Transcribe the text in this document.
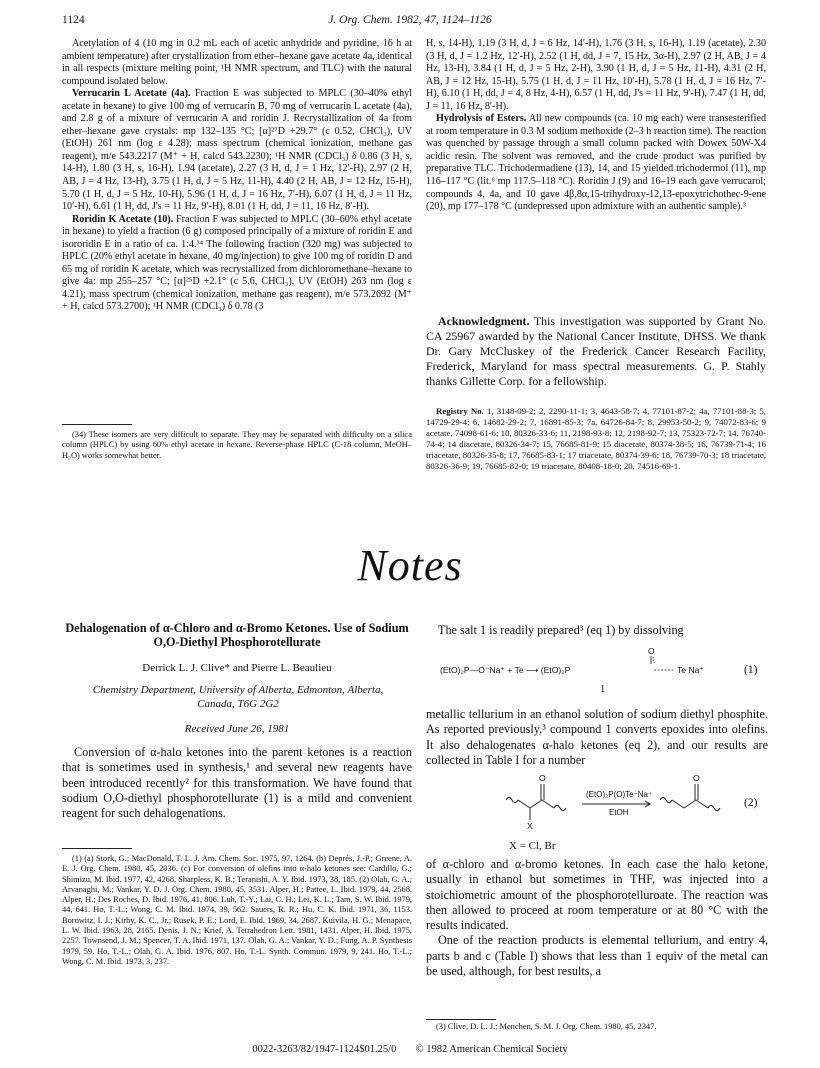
1124	J. Org. Chem. 1982, 47, 1124–1126

Acetylation of 4 (10 mg in 0.2 mL each of acetic anhydride and pyridine, 16 h at ambient temperature) after crystallization from ether–hexane gave acetate 4a, identical in all respects (mixture melting point, ¹H NMR spectrum, and TLC) with the natural compound isolated below.

Verrucarin L Acetate (4a). Fraction E was subjected to MPLC (30–40% ethyl acetate in hexane) to give 100 mg of verrucarin B, 70 mg of verrucarin L acetate (4a), and 2.8 g of a mixture of verrucarin A and roridin J. Recrystallization of 4a from ether–hexane gave crystals: mp 132–135 °C; [α]²⁷D +29.7° (c 0.52, CHCl₃), UV (EtOH) 261 nm (log ε 4.28); mass spectrum (chemical ionization, methane gas reagent), m/e 543.2217 (M⁺ + H, calcd 543.2230); ¹H NMR (CDCl₃) δ 0.86 (3 H, s, 14-H), 1.80 (3 H, s, 16-H), 1.94 (acetate), 2.27 (3 H, d, J = 1 Hz, 12′-H), 2.97 (2 H, AB, J = 4 Hz, 13-H), 3.75 (1 H, d, J = 5 Hz, 11-H), 4.40 (2 H, AB, J = 12 Hz, 15-H), 5.70 (1 H, d, J = 5 Hz, 10-H), 5.96 (1 H, d, J = 16 Hz, 7′-H), 6.07 (1 H, d, J = 11 Hz, 10′-H), 6.61 (1 H, dd, J's = 11 Hz, 9′-H), 8.01 (1 H, dd, J = 11, 16 Hz, 8′-H).

Roridin K Acetate (10). Fraction F was subjected to MPLC (30–60% ethyl acetate in hexane) to yield a fraction (6 g) composed principally of a mixture of roridin E and isororidin E in a ratio of ca. 1:4.³⁴ The following fraction (320 mg) was subjected to HPLC (20% ethyl acetate in hexane, 40 mg/injection) to give 100 mg of roridin D and 65 mg of roridin K acetate, which was recrystallized from dichloromethane–hexane to give 4a: mp 255–257 °C; [α]²⁵D +2.1° (c 5.6, CHCl₃), UV (EtOH) 263 nm (log ε 4.21); mass spectrum (chemical ionization, methane gas reagent), m/e 573.2692 (M⁺ + H, calcd 573.2700); ¹H NMR (CDCl₃) δ 0.78 (3

(34) These isomers are very difficult to separate. They may be separated with difficulty on a silica column (HPLC) by using 60% ethyl acetate in hexane. Reverse-phase HPLC (C-18 column, MeOH–H₂O) works somewhat better.

H, s, 14-H), 1.19 (3 H, d, J = 6 Hz, 14′-H), 1.76 (3 H, s, 16-H), 1.19 (acetate), 2.30 (3 H, d, J = 1.2 Hz, 12′-H), 2.52 (1 H, dd, J = 7, 15 Hz, 3α-H), 2.97 (2 H, AB, J = 4 Hz, 13-H), 3.84 (1 H, d, J = 5 Hz, 2-H), 3.90 (1 H, d, J = 5 Hz, 11-H), 4.31 (2 H, AB, J = 12 Hz, 15-H), 5.75 (1 H, d, J = 11 Hz, 10′-H), 5.78 (1 H, d, J = 16 Hz, 7′-H), 6.10 (1 H, dd, J = 4, 8 Hz, 4-H), 6.57 (1 H, dd, J's = 11 Hz, 9′-H), 7.47 (1 H, dd, J = 11, 16 Hz, 8′-H).

Hydrolysis of Esters. All new compounds (ca. 10 mg each) were transesterified at room temperature in 0.3 M sodium methoxide (2–3 h reaction time). The reaction was quenched by passage through a small column packed with Dowex 50W-X4 acidic resin. The solvent was removed, and the crude product was purified by preparative TLC. Trichodermadiene (13), 14, and 15 yielded trichodermol (11), mp 116–117 °C (lit.⁶ mp 117.5–118 °C). Roridin J (9) and 16–19 each gave verrucarol; compounds 4, 4a, and 10 gave 4β,8α,15-trihydroxy-12,13-epoxytrichothec-9-ene (20), mp 177–178 °C (undepressed upon admixture with an authentic sample).³

Acknowledgment. This investigation was supported by Grant No. CA 25967 awarded by the National Cancer Institute, DHSS. We thank Dr. Gary McCluskey of the Frederick Cancer Research Facility, Frederick, Maryland for mass spectral measurements. G. P. Stahly thanks Gillette Corp. for a fellowship.

Registry No. 1, 3148-09-2; 2, 2290-11-1; 3, 4643-58-7; 4, 77101-87-2; 4a, 77101-88-3; 5, 14729-29-4; 6, 14682-29-2; 7, 16891-85-3; 7a, 64726-84-7; 8, 29953-50-2; 9, 74072-83-6; 9 acetate, 74098-61-6; 10, 80326-33-6; 11, 2198-93-8; 12, 2198-92-7; 13, 75323-72-7; 14, 76740-74-4; 14 diacetate, 80326-34-7; 15, 76685-81-9; 15 diacetate, 80374-38-5; 16, 76739-71-4; 16 triacetate, 80326-35-8; 17, 76685-83-1; 17 triacetate, 80374-39-6; 18, 76739-70-3; 18 triacetate, 80326-36-9; 19, 76685-82-0; 19 triacetate, 80408-18-0; 20, 74516-69-1.

Notes
Dehalogenation of α-Chloro and α-Bromo Ketones. Use of Sodium O,O-Diethyl Phosphorotellurate
Derrick L. J. Clive* and Pierre L. Beaulieu
Chemistry Department, University of Alberta, Edmonton, Alberta, Canada, T6G 2G2
Received June 26, 1981

Conversion of α-halo ketones into the parent ketones is a reaction that is sometimes used in synthesis,¹ and several new reagents have been introduced recently² for this transformation. We have found that sodium O,O-diethyl phosphorotellurate (1) is a mild and convenient reagent for such dehalogenations.

(1) (a) Stork, G.; MacDonald, T. L. J. Am. Chem. Soc. 1975, 97, 1264. (b) Deprés, J.-P.; Greene, A. E. J. Org. Chem. 1980, 45, 2036. (c) For conversion of olefins into α-halo ketones see: Cardillo, G.; Shimizu, M. Ibid. 1977, 42, 4268. Sharpless, K. B.; Teranishi, A. Y. Ibid. 1973, 38, 185. (2) Olah, G. A.; Arvanaghi, M.; Vankar, Y. D. J. Org. Chem. 1980, 45, 3531. Alper, H.; Pattee, L. Ibid. 1979, 44, 2568. Alper, H.; Des Roches, D. Ibid. 1976, 41, 806. Luh, T.-Y.; Lai, C. H.; Lei, K. L.; Tam, S. W. Ibid. 1979, 44, 641. Ho, T.-L.; Wong, C. M. Ibid. 1974, 39, 562. Sauers, R. R.; Hu, C. K. Ibid. 1971, 36, 1153. Borowitz, I. J.; Kirby, K. C., Jr.; Rusek, P. E.; Lord, E. Ibid. 1969, 34, 2687. Kuivila, H. G.; Menapace, L. W. Ibid. 1963, 28, 2165. Denis, J. N.; Krief, A. Tetrahedron Lett. 1981, 1431. Alper, H. Ibid. 1975, 2257. Townsend, J. M.; Spencer, T. A. Ibid. 1971, 137. Olah, G. A.; Vankar, Y. D.; Fung, A. P. Synthesis 1979, 59. Ho, T.-L.; Olah, G. A. Ibid. 1976, 807. Ho, T.-L. Synth. Commun. 1979, 9, 241. Ho, T.-L.; Wong, C. M. Ibid. 1973, 3, 237.

The salt 1 is readily prepared³ (eq 1) by dissolving

(EtO)₂P—O⁻Na⁺ + Te ⟶ (EtO)₂P
O
Te Na⁺	(1)
1

metallic tellurium in an ethanol solution of sodium diethyl phosphite. As reported previously,³ compound 1 converts epoxides into olefins. It also dehalogenates α-halo ketones (eq 2), and our results are collected in Table I for a number

O	O
X
(EtO)₂P(O)Te⁻Na⁺
EtOH
(2)
X = Cl, Br

of α-chloro and α-bromo ketones. In each case the halo ketone, usually in ethanol but sometimes in THF, was injected into a stoichiometric amount of the phosphorotelluroate. The reaction was then allowed to proceed at room temperature or at 80 °C with the results indicated.

One of the reaction products is elemental tellurium, and entry 4, parts b and c (Table I) shows that less than 1 equiv of the metal can be used, although, for best results, a

(3) Clive, D. L. J.; Menchen, S. M. J. Org. Chem. 1980, 45, 2347.

0022-3263/82/1947-1124$01.25/0 © 1982 American Chemical Society
